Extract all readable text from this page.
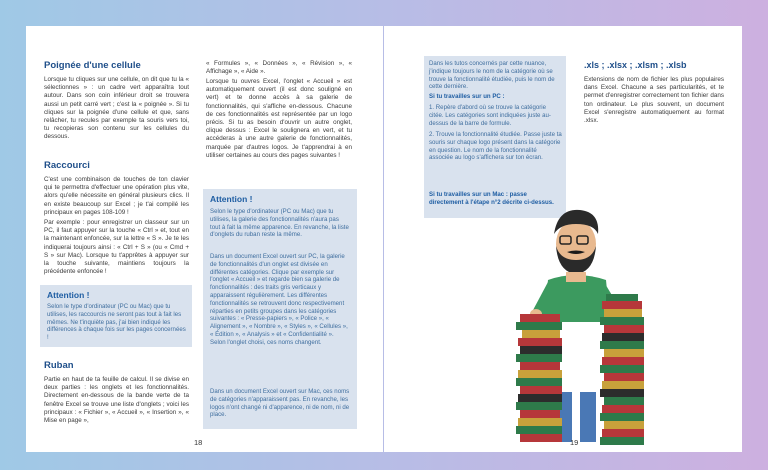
Poignée d'une cellule
Lorsque tu cliques sur une cellule, on dit que tu la « sélectionnes » : un cadre vert apparaîtra tout autour. Dans son coin inférieur droit se trouvera aussi un petit carré vert ; c'est la « poignée ». Si tu cliques sur la poignée d'une cellule et que, sans relâcher, tu recules par exemple ta souris vers toi, tu recopieras son contenu sur les cellules du dessous.
Raccourci
C'est une combinaison de touches de ton clavier qui te permettra d'effectuer une opération plus vite, alors qu'elle nécessite en général plusieurs clics. Il en existe beaucoup sur Excel ; je t'ai compilé les principaux en pages 108-109 !
Par exemple : pour enregistrer un classeur sur un PC, il faut appuyer sur la touche « Ctrl » et, tout en la maintenant enfoncée, sur la lettre « S ». Je te les indiquerai toujours ainsi : « Ctrl + S » (ou « Cmd + S » sur Mac). Lorsque tu t'apprêtes à appuyer sur la touche suivante, maintiens toujours la précédente enfoncée !
Attention !
Selon le type d'ordinateur (PC ou Mac) que tu utilises, les raccourcis ne seront pas tout à fait les mêmes. Ne t'inquiète pas, j'ai bien indiqué les différences à chaque fois sur les pages concernées !
Ruban
Partie en haut de ta feuille de calcul. Il se divise en deux parties : les onglets et les fonctionnalités. Directement en-dessous de la bande verte de ta fenêtre Excel se trouve une liste d'onglets ; voici les principaux : « Fichier », « Accueil », « Insertion », « Mise en page »,
« Formules », « Données », « Révision », « Affichage », « Aide ».
Lorsque tu ouvres Excel, l'onglet « Accueil » est automatiquement ouvert (il est donc souligné en vert) et te donne accès à sa galerie de fonctionnalités, qui s'affiche en-dessous. Chacune de ces fonctionnalités est représentée par un logo précis. Si tu as besoin d'ouvrir un autre onglet, clique dessus : Excel le soulignera en vert, et tu accéderas à une autre galerie de fonctionnalités, marquée par d'autres logos. Je t'apprendrai à en utiliser certaines au cours des pages suivantes !
Attention !
Selon le type d'ordinateur (PC ou Mac) que tu utilises, la galerie des fonctionnalités n'aura pas tout à fait la même apparence. En revanche, la liste d'onglets du ruban reste la même.
Dans un document Excel ouvert sur PC, la galerie de fonctionnalités d'un onglet est divisée en différentes catégories. Clique par exemple sur l'onglet « Accueil » et regarde bien sa galerie de fonctionnalités : des traits gris verticaux y apparaissent régulièrement. Les différentes fonctionnalités se retrouvent donc respectivement réparties en petits groupes dans les catégories suivantes : « Presse-papiers », « Police », « Alignement », « Nombre », « Styles », « Cellules », « Édition », « Analysis » et « Confidentialité ». Selon l'onglet choisi, ces noms changent.
Dans un document Excel ouvert sur Mac, ces noms de catégories n'apparaissent pas. En revanche, les logos n'ont changé ni d'apparence, ni de nom, ni de place.
18
Dans les tutos concernés par cette nuance, j'indique toujours le nom de la catégorie où se trouve la fonctionnalité étudiée, puis le nom de cette dernière.
Si tu travailles sur un PC :
1. Repère d'abord où se trouve la catégorie citée. Les catégories sont indiquées juste au-dessus de la barre de formule.
2. Trouve la fonctionnalité étudiée. Passe juste ta souris sur chaque logo présent dans la catégorie en question. Le nom de la fonctionnalité associée au logo s'affichera sur ton écran.
Si tu travailles sur un Mac : passe directement à l'étape n°2 décrite ci-dessus.
.xls ; .xlsx ; .xlsm ; .xlsb
Extensions de nom de fichier les plus populaires dans Excel. Chacune a ses particularités, et te permet d'enregistrer correctement ton fichier dans ton ordinateur. Le plus souvent, un document Excel s'enregistre automatiquement au format .xlsx.
19
